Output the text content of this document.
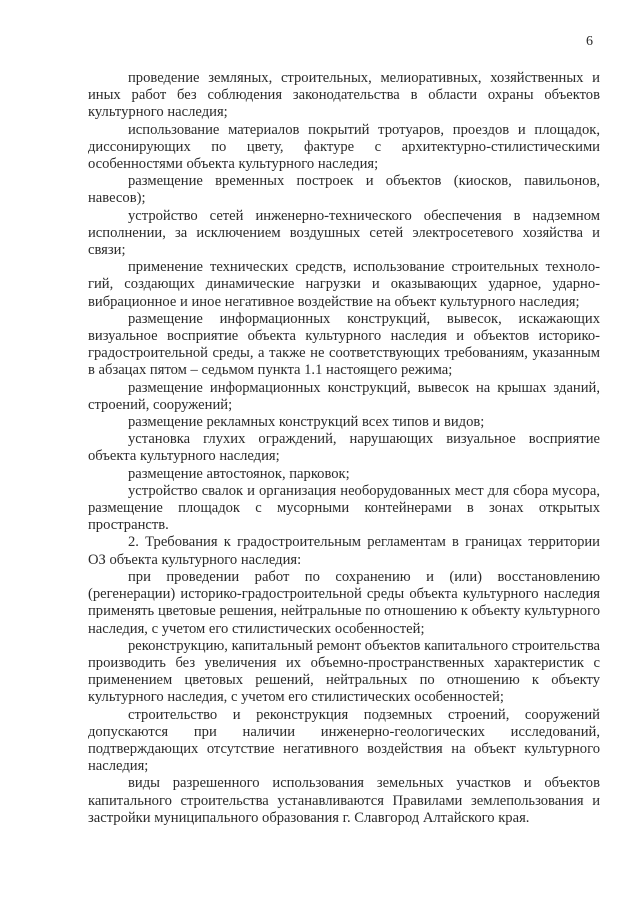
6

проведение земляных, строительных, мелиоративных, хозяйственных и иных работ без соблюдения законодательства в области охраны объектов культурного наследия;

использование материалов покрытий тротуаров, проездов и площадок, диссонирующих по цвету, фактуре с архитектурно-стилистическими особенностями объекта культурного наследия;

размещение временных построек и объектов (киосков, павильонов, навесов);

устройство сетей инженерно-технического обеспечения в надземном исполнении, за исключением воздушных сетей электросетевого хозяйства и связи;

применение технических средств, использование строительных технологий, создающих динамические нагрузки и оказывающих ударное, ударно-вибрационное и иное негативное воздействие на объект культурного наследия;

размещение информационных конструкций, вывесок, искажающих визуальное восприятие объекта культурного наследия и объектов историко-градостроительной среды, а также не соответствующих требованиям, указанным в абзацах пятом – седьмом пункта 1.1 настоящего режима;

размещение информационных конструкций, вывесок на крышах зданий, строений, сооружений;

размещение рекламных конструкций всех типов и видов;

установка глухих ограждений, нарушающих визуальное восприятие объекта культурного наследия;

размещение автостоянок, парковок;

устройство свалок и организация необорудованных мест для сбора мусора, размещение площадок с мусорными контейнерами в зонах открытых пространств.

2. Требования к градостроительным регламентам в границах территории ОЗ объекта культурного наследия:

при проведении работ по сохранению и (или) восстановлению (регенерации) историко-градостроительной среды объекта культурного наследия применять цветовые решения, нейтральные по отношению к объекту культурного наследия, с учетом его стилистических особенностей;

реконструкцию, капитальный ремонт объектов капитального строительства производить без увеличения их объемно-пространственных характеристик с применением цветовых решений, нейтральных по отношению к объекту культурного наследия, с учетом его стилистических особенностей;

строительство и реконструкция подземных строений, сооружений допускаются при наличии инженерно-геологических исследований, подтверждающих отсутствие негативного воздействия на объект культурного наследия;

виды разрешенного использования земельных участков и объектов капитального строительства устанавливаются Правилами землепользования и застройки муниципального образования г. Славгород Алтайского края.
